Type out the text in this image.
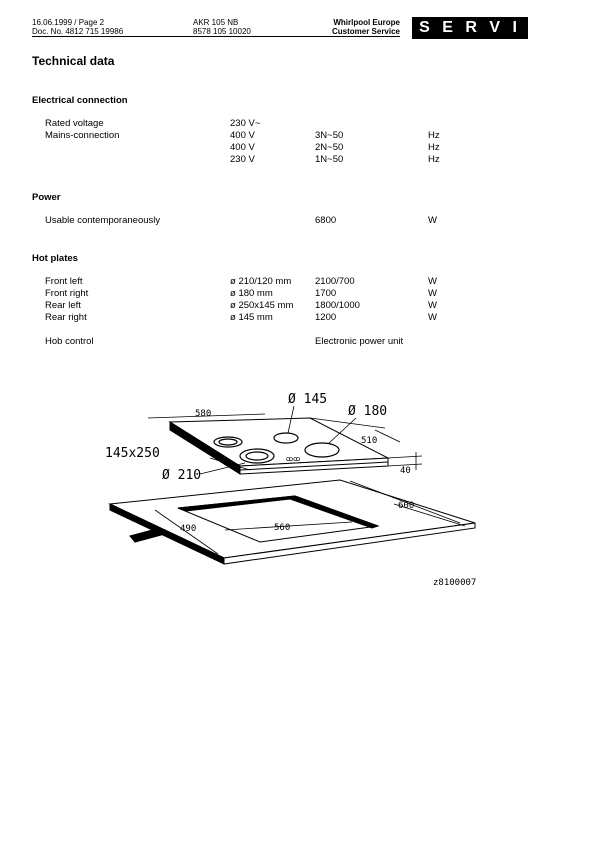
16.06.1999 / Page 2
Doc. No. 4812 715 19986
AKR 105 NB
8578 105 10020
Whirlpool Europe
Customer Service	S E R V I C E
Technical data
Electrical connection
Rated voltage	230 V~
Mains-connection	400 V	3N~50	Hz
400 V	2N~50	Hz
230 V	1N~50	Hz
Power
Usable contemporaneously	6800	W
Hot plates
Front left	ø 210/120 mm	2100/700	W
Front right	ø 180 mm	1700	W
Rear left	ø 250x145 mm 1800/1000	W
Rear right	ø 145 mm	1200	W
Hob control	Electronic power unit
ꝏꝏ
580
Ø 145
Ø 180
510
40
145x250
Ø 210
600
490	560
z8100007
